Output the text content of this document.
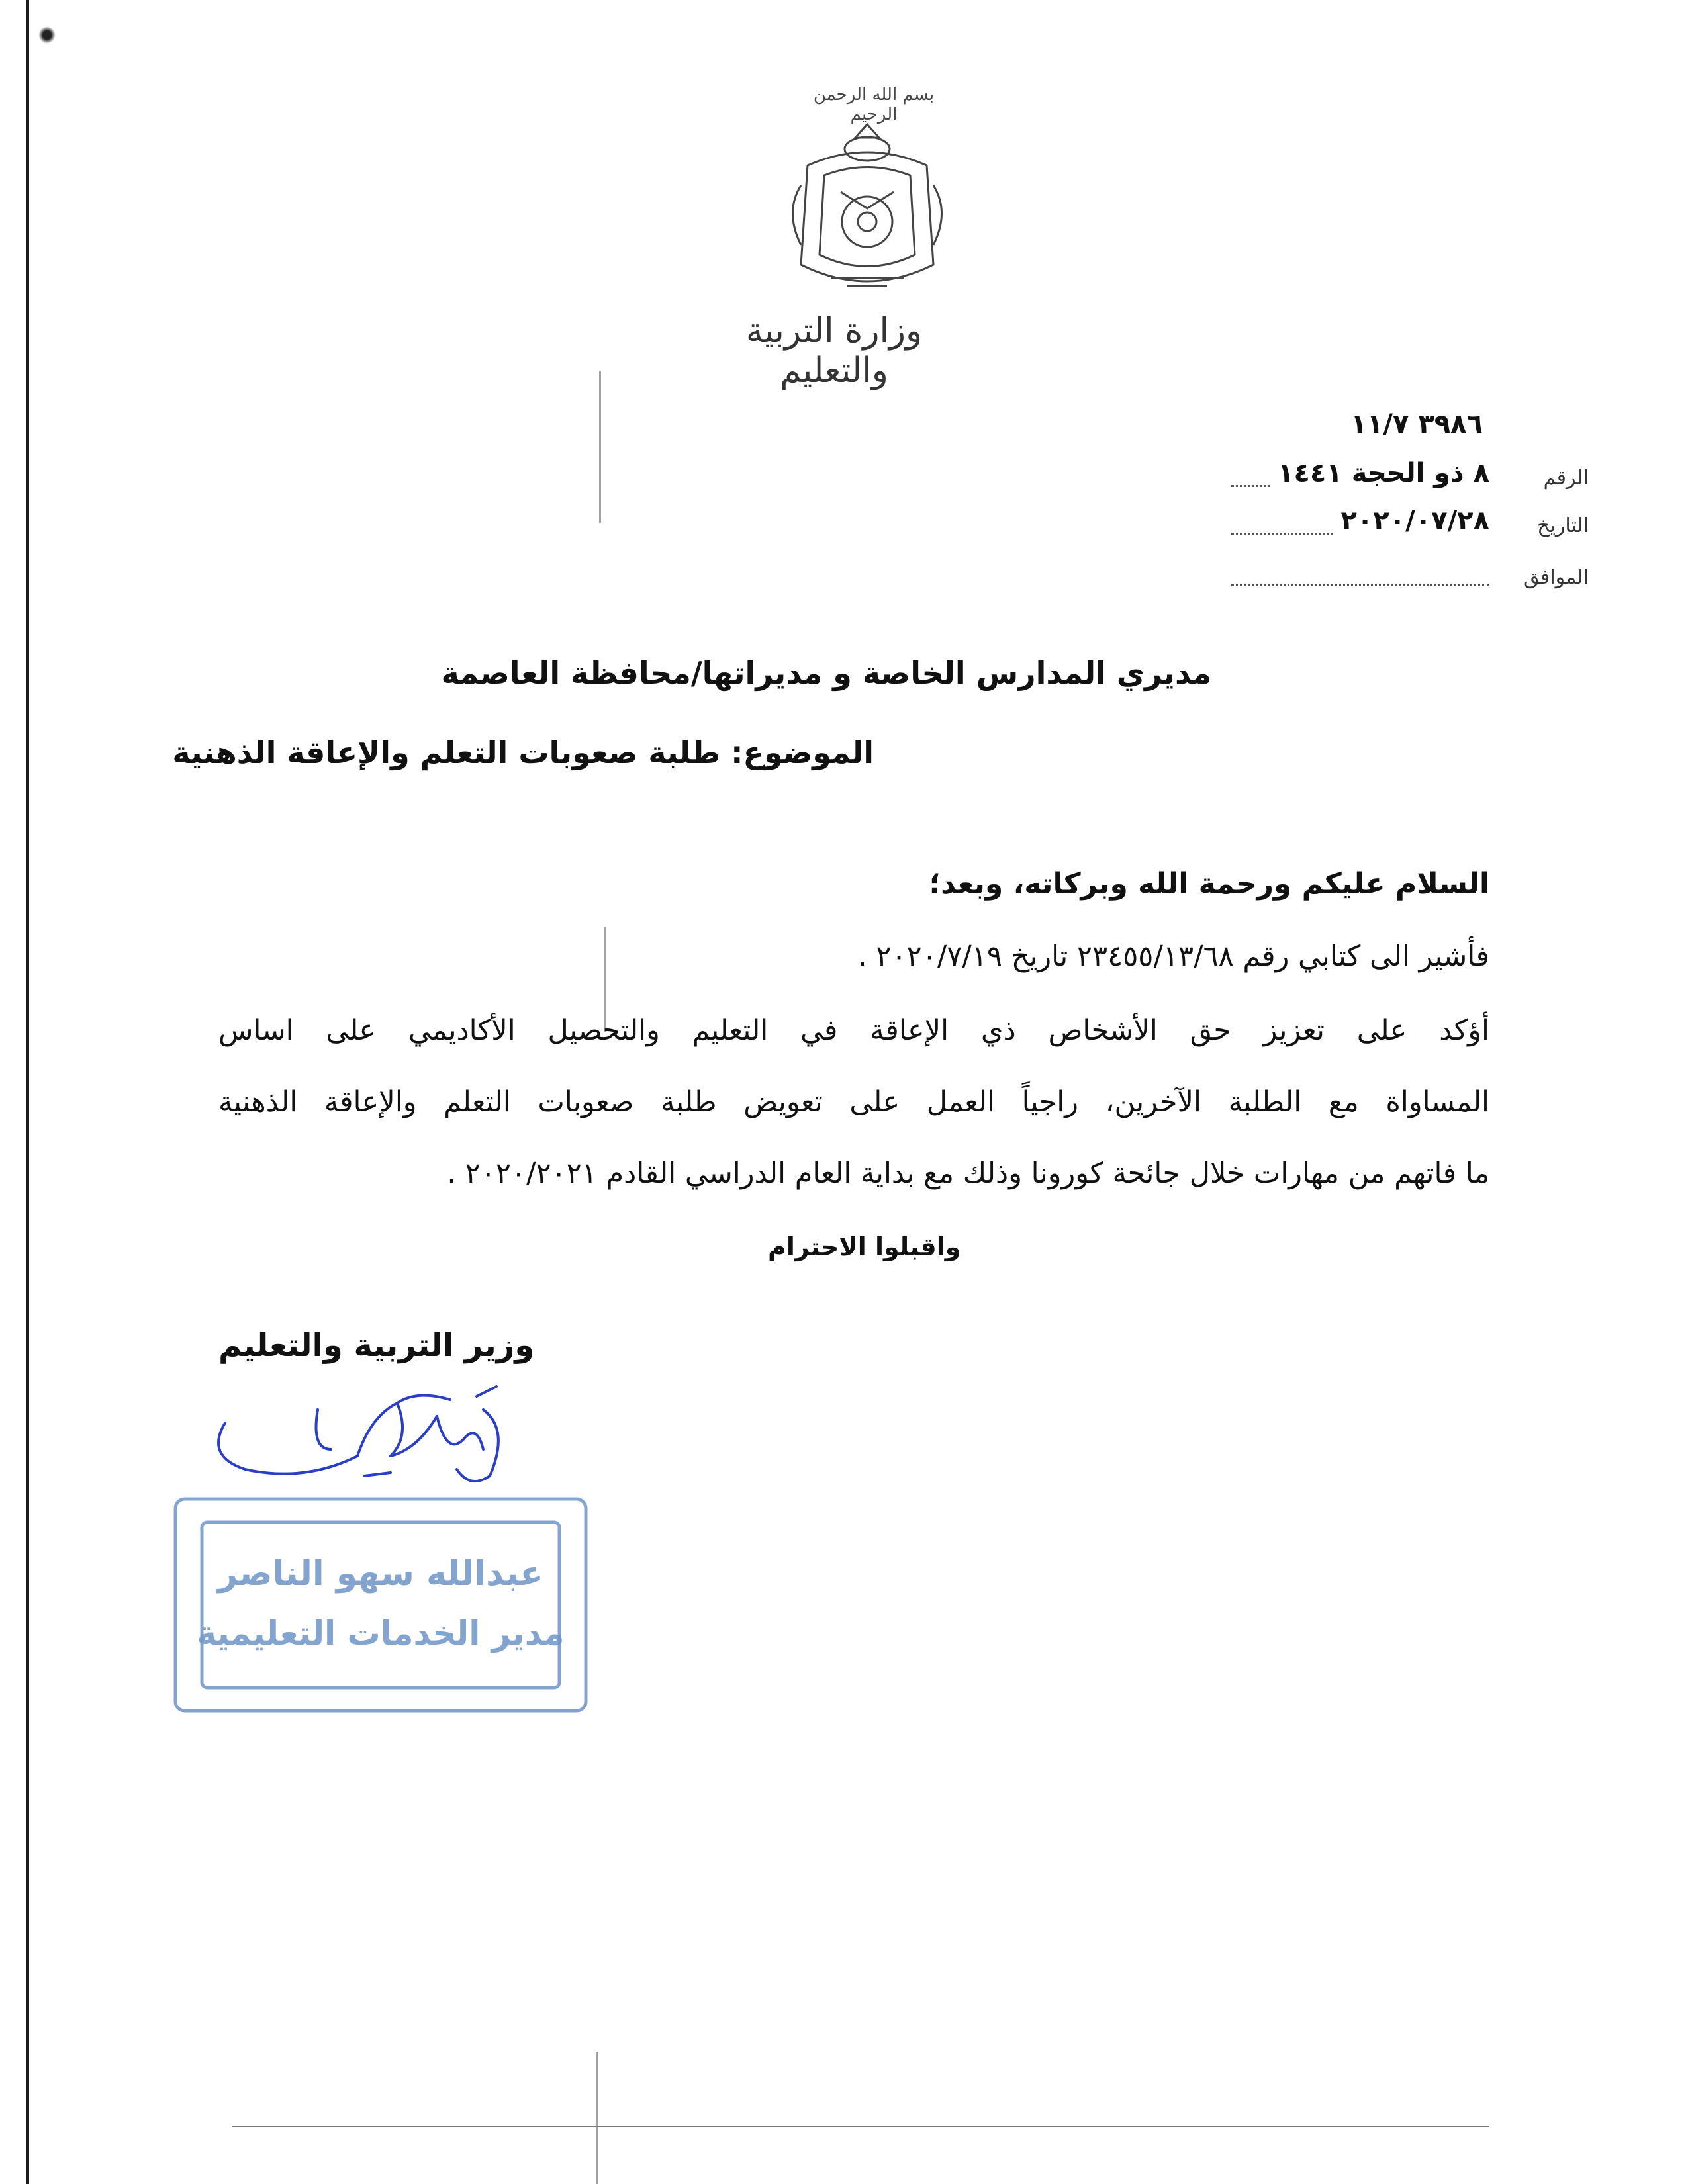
بسم الله الرحمن الرحيم
وزارة التربية والتعليم
٣٩٨٦ ١١/٧
الرقم
٨ ذو الحجة ١٤٤١
التاريخ
٢٠٢٠/٠٧/٢٨
الموافق
مديري المدارس الخاصة و مديراتها/محافظة العاصمة
الموضوع: طلبة صعوبات التعلم والإعاقة الذهنية
السلام عليكم ورحمة الله وبركاته، وبعد؛
فأشير الى كتابي رقم ٢٣٤٥٥/١٣/٦٨ تاريخ ٢٠٢٠/٧/١٩ .
أؤكد على تعزيز حق الأشخاص ذي الإعاقة في التعليم والتحصيل الأكاديمي على اساس
المساواة مع الطلبة الآخرين، راجياً العمل على تعويض طلبة صعوبات التعلم والإعاقة الذهنية
ما فاتهم من مهارات خلال جائحة كورونا وذلك مع بداية العام الدراسي القادم ٢٠٢٠/٢٠٢١ .
واقبلوا الاحترام
وزير التربية والتعليم
عبدالله سهو الناصر
مدير الخدمات التعليمية
